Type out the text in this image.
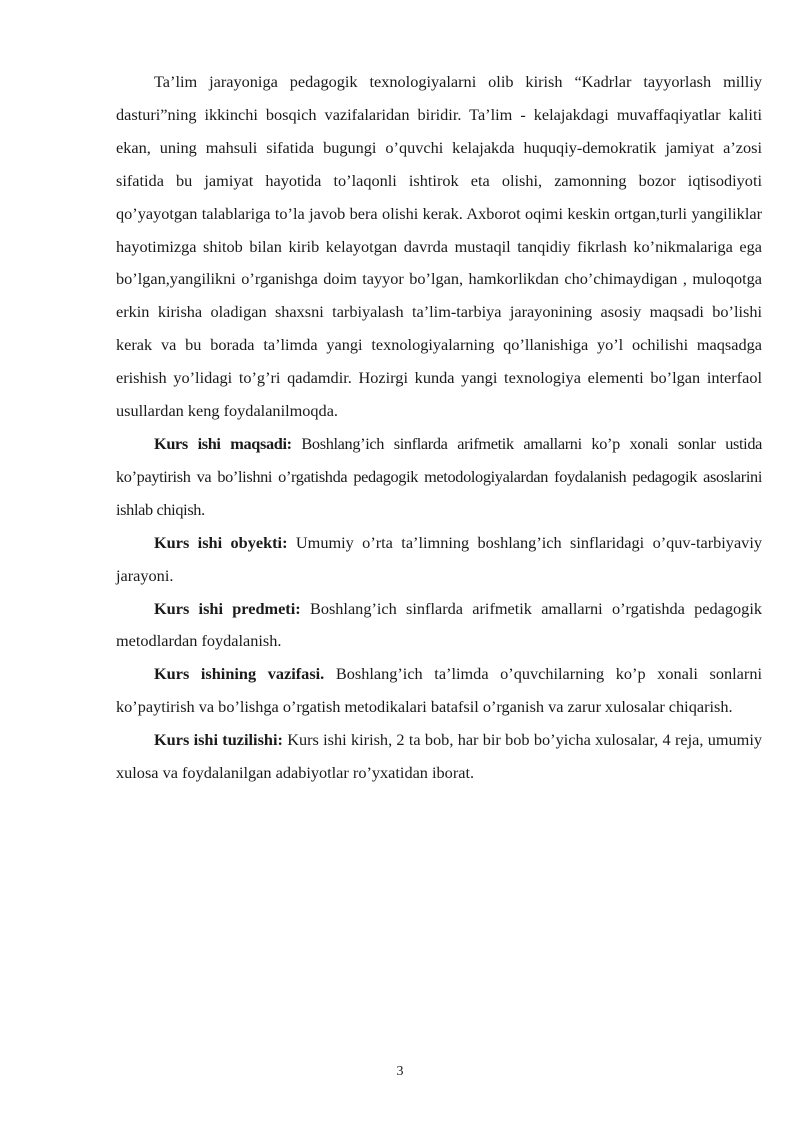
Ta’lim jarayoniga pedagogik texnologiyalarni olib kirish “Kadrlar tayyorlash milliy dasturi”ning ikkinchi bosqich vazifalaridan biridir. Ta’lim - kelajakdagi muvaffaqiyatlar kaliti ekan, uning mahsuli sifatida bugungi o’quvchi kelajakda huquqiy-demokratik jamiyat a’zosi sifatida bu jamiyat hayotida to’laqonli ishtirok eta olishi, zamonning bozor iqtisodiyoti qo’yayotgan talablariga to’la javob bera olishi kerak. Axborot oqimi keskin ortgan,turli yangiliklar hayotimizga shitob bilan kirib kelayotgan davrda mustaqil tanqidiy fikrlash ko’nikmalariga ega bo’lgan,yangilikni o’rganishga doim tayyor bo’lgan, hamkorlikdan cho’chimaydigan , muloqotga erkin kirisha oladigan shaxsni tarbiyalash ta’lim-tarbiya jarayonining asosiy maqsadi bo’lishi kerak va bu borada ta’limda yangi texnologiyalarning qo’llanishiga yo’l ochilishi maqsadga erishish yo’lidagi to’g’ri qadamdir. Hozirgi kunda yangi texnologiya elementi bo’lgan interfaol usullardan keng foydalanilmoqda.

Kurs ishi maqsadi: Boshlang’ich sinflarda arifmetik amallarni ko’p xonali sonlar ustida ko’paytirish va bo’lishni o’rgatishda pedagogik metodologiyalardan foydalanish pedagogik asoslarini ishlab chiqish.

Kurs ishi obyekti: Umumiy o’rta ta’limning boshlang’ich sinflaridagi o’quv-tarbiyaviy jarayoni.

Kurs ishi predmeti: Boshlang’ich sinflarda arifmetik amallarni o’rgatishda pedagogik metodlardan foydalanish.

Kurs ishining vazifasi. Boshlang’ich ta’limda o’quvchilarning ko’p xonali sonlarni ko’paytirish va bo’lishga o’rgatish metodikalari batafsil o’rganish va zarur xulosalar chiqarish.

Kurs ishi tuzilishi: Kurs ishi kirish, 2 ta bob, har bir bob bo’yicha xulosalar, 4 reja, umumiy xulosa va foydalanilgan adabiyotlar ro’yxatidan iborat.

3
